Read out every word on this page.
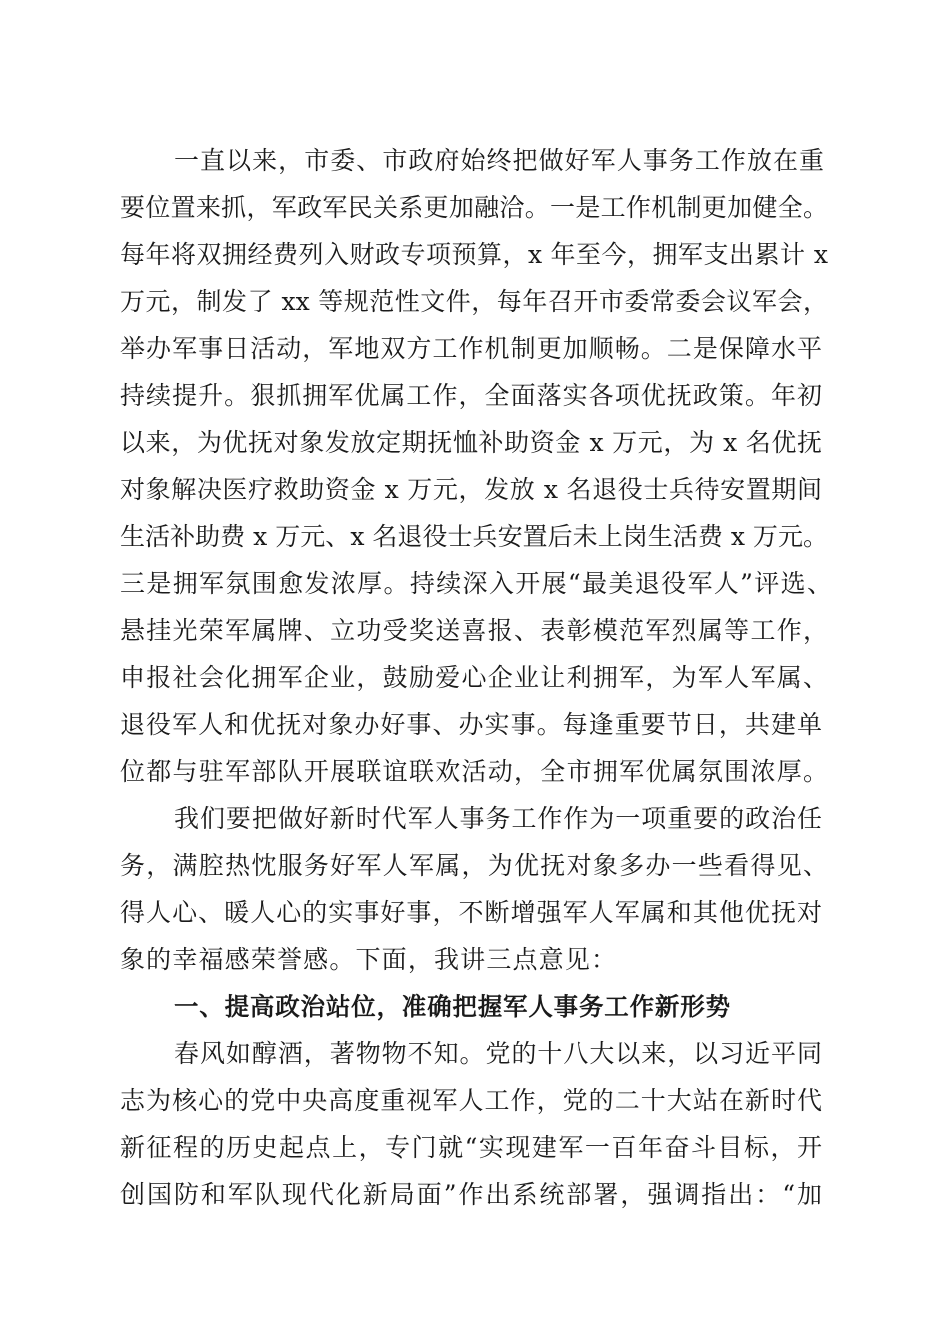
一直以来，市委、市政府始终把做好军人事务工作放在重
要位置来抓，军政军民关系更加融洽。一是工作机制更加健全。
每年将双拥经费列入财政专项预算，x 年至今，拥军支出累计 x
万元，制发了 xx 等规范性文件，每年召开市委常委会议军会，
举办军事日活动，军地双方工作机制更加顺畅。二是保障水平
持续提升。狠抓拥军优属工作，全面落实各项优抚政策。年初
以来，为优抚对象发放定期抚恤补助资金 x 万元，为 x 名优抚
对象解决医疗救助资金 x 万元，发放 x 名退役士兵待安置期间
生活补助费 x 万元、x 名退役士兵安置后未上岗生活费 x 万元。
三是拥军氛围愈发浓厚。持续深入开展“最美退役军人”评选、
悬挂光荣军属牌、立功受奖送喜报、表彰模范军烈属等工作，
申报社会化拥军企业，鼓励爱心企业让利拥军，为军人军属、
退役军人和优抚对象办好事、办实事。每逢重要节日，共建单
位都与驻军部队开展联谊联欢活动，全市拥军优属氛围浓厚。
我们要把做好新时代军人事务工作作为一项重要的政治任
务，满腔热忱服务好军人军属，为优抚对象多办一些看得见、
得人心、暖人心的实事好事，不断增强军人军属和其他优抚对
象的幸福感荣誉感。下面，我讲三点意见：
一、提高政治站位，准确把握军人事务工作新形势
春风如醇酒，著物物不知。党的十八大以来，以习近平同
志为核心的党中央高度重视军人工作，党的二十大站在新时代
新征程的历史起点上，专门就“实现建军一百年奋斗目标，开
创国防和军队现代化新局面”作出系统部署，强调指出：“加
